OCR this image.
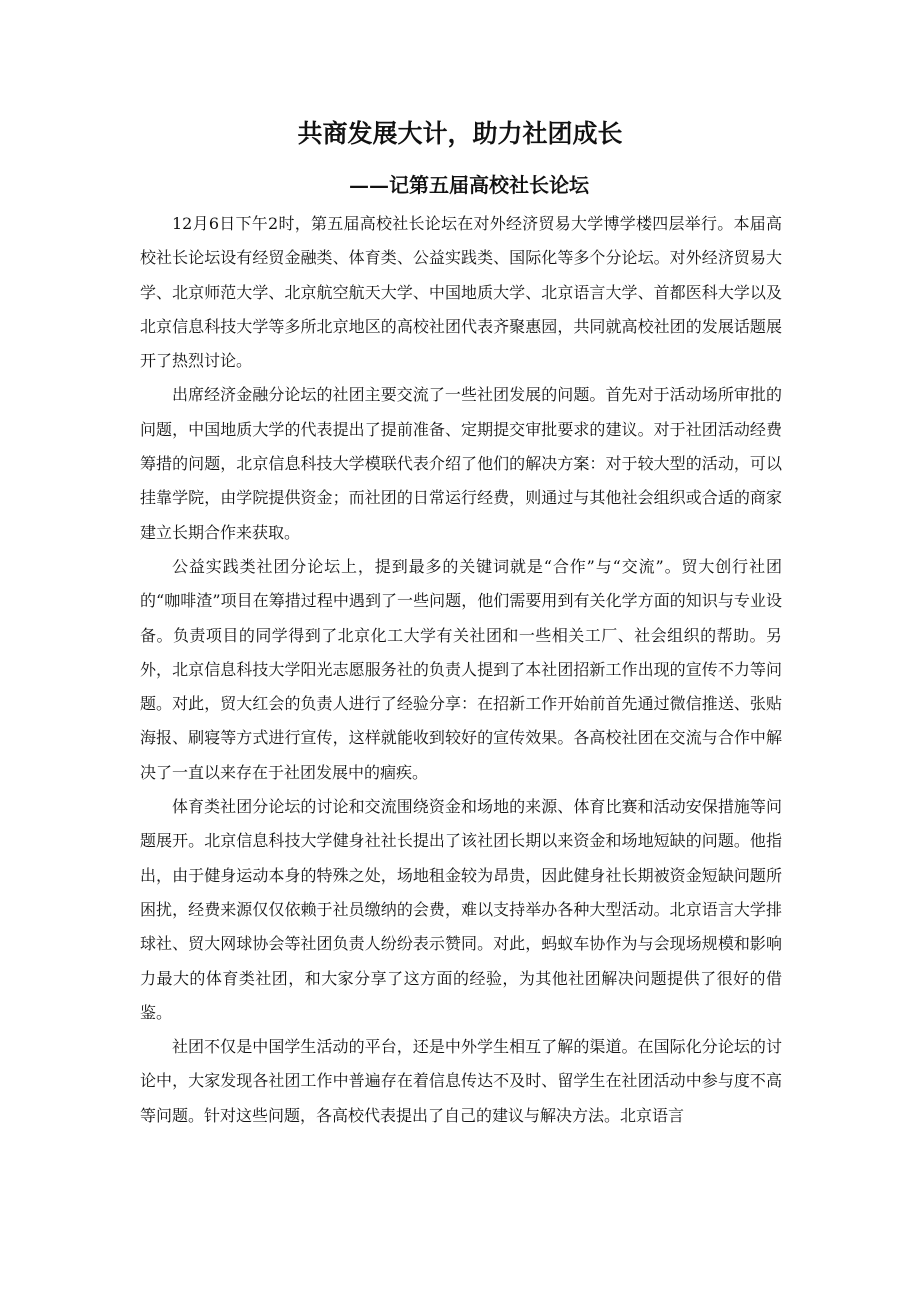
共商发展大计，助力社团成长
——记第五届高校社长论坛

12月6日下午2时，第五届高校社长论坛在对外经济贸易大学博学楼四层举行。本届高校社长论坛设有经贸金融类、体育类、公益实践类、国际化等多个分论坛。对外经济贸易大学、北京师范大学、北京航空航天大学、中国地质大学、北京语言大学、首都医科大学以及北京信息科技大学等多所北京地区的高校社团代表齐聚惠园，共同就高校社团的发展话题展开了热烈讨论。

出席经济金融分论坛的社团主要交流了一些社团发展的问题。首先对于活动场所审批的问题，中国地质大学的代表提出了提前准备、定期提交审批要求的建议。对于社团活动经费筹措的问题，北京信息科技大学模联代表介绍了他们的解决方案：对于较大型的活动，可以挂靠学院，由学院提供资金；而社团的日常运行经费，则通过与其他社会组织或合适的商家建立长期合作来获取。

公益实践类社团分论坛上，提到最多的关键词就是“合作”与“交流”。贸大创行社团的“咖啡渣”项目在筹措过程中遇到了一些问题，他们需要用到有关化学方面的知识与专业设备。负责项目的同学得到了北京化工大学有关社团和一些相关工厂、社会组织的帮助。另外，北京信息科技大学阳光志愿服务社的负责人提到了本社团招新工作出现的宣传不力等问题。对此，贸大红会的负责人进行了经验分享：在招新工作开始前首先通过微信推送、张贴海报、刷寝等方式进行宣传，这样就能收到较好的宣传效果。各高校社团在交流与合作中解决了一直以来存在于社团发展中的痼疾。

体育类社团分论坛的讨论和交流围绕资金和场地的来源、体育比赛和活动安保措施等问题展开。北京信息科技大学健身社社长提出了该社团长期以来资金和场地短缺的问题。他指出，由于健身运动本身的特殊之处，场地租金较为昂贵，因此健身社长期被资金短缺问题所困扰，经费来源仅仅依赖于社员缴纳的会费，难以支持举办各种大型活动。北京语言大学排球社、贸大网球协会等社团负责人纷纷表示赞同。对此，蚂蚁车协作为与会现场规模和影响力最大的体育类社团，和大家分享了这方面的经验，为其他社团解决问题提供了很好的借鉴。

社团不仅是中国学生活动的平台，还是中外学生相互了解的渠道。在国际化分论坛的讨论中，大家发现各社团工作中普遍存在着信息传达不及时、留学生在社团活动中参与度不高等问题。针对这些问题，各高校代表提出了自己的建议与解决方法。北京语言
